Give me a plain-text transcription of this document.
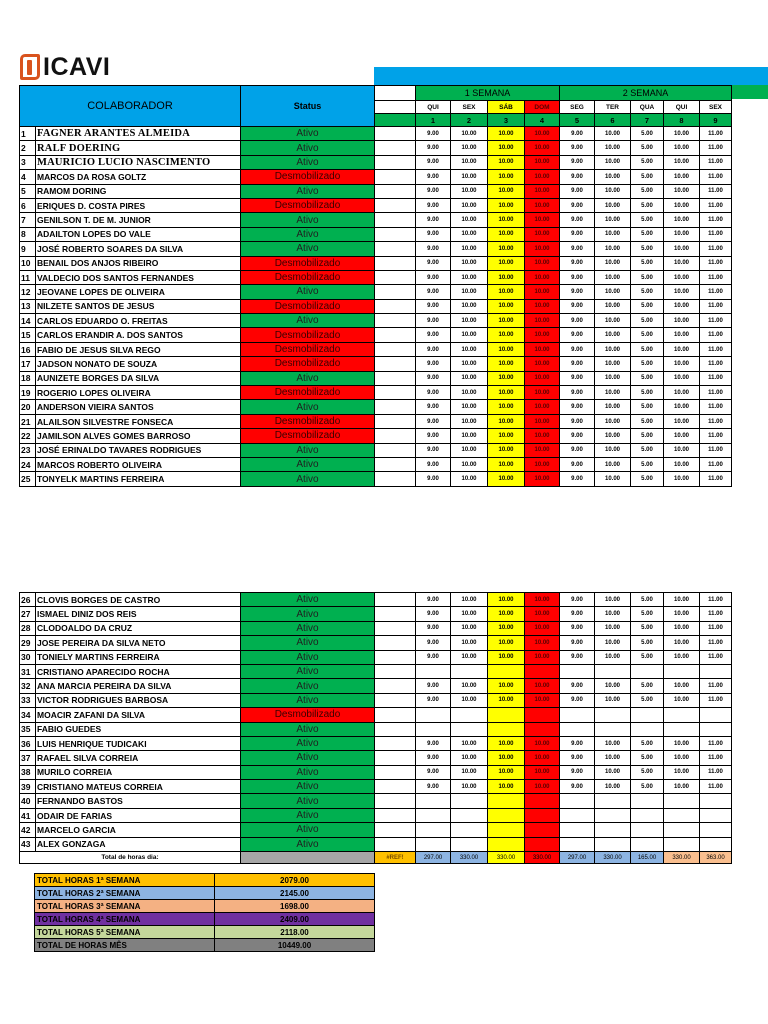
ICAVI
COLABORADOR		Status		1 SEMANA				2 SEMANA				
				QUI	SEX	SÁB	DOM	SEG	TER	QUA	QUI	SEX
				1	2	3	4	5	6	7	8	9
1	FAGNER ARANTES ALMEIDA	Ativo		9.00	10.00	10.00	10.00	9.00	10.00	5.00	10.00	11.00
2	RALF DOERING	Ativo		9.00	10.00	10.00	10.00	9.00	10.00	5.00	10.00	11.00
3	MAURICIO LUCIO NASCIMENTO	Ativo		9.00	10.00	10.00	10.00	9.00	10.00	5.00	10.00	11.00
4	MARCOS DA ROSA GOLTZ	Desmobilizado		9.00	10.00	10.00	10.00	9.00	10.00	5.00	10.00	11.00
5	RAMOM DORING	Ativo		9.00	10.00	10.00	10.00	9.00	10.00	5.00	10.00	11.00
6	ERIQUES D. COSTA PIRES	Desmobilizado		9.00	10.00	10.00	10.00	9.00	10.00	5.00	10.00	11.00
7	GENILSON T. DE M. JUNIOR	Ativo		9.00	10.00	10.00	10.00	9.00	10.00	5.00	10.00	11.00
8	ADAILTON LOPES DO VALE	Ativo		9.00	10.00	10.00	10.00	9.00	10.00	5.00	10.00	11.00
9	JOSÉ ROBERTO SOARES DA SILVA	Ativo		9.00	10.00	10.00	10.00	9.00	10.00	5.00	10.00	11.00
10	BENAIL DOS ANJOS RIBEIRO	Desmobilizado		9.00	10.00	10.00	10.00	9.00	10.00	5.00	10.00	11.00
11	VALDECIO DOS SANTOS FERNANDES	Desmobilizado		9.00	10.00	10.00	10.00	9.00	10.00	5.00	10.00	11.00
12	JEOVANE LOPES DE OLIVEIRA	Ativo		9.00	10.00	10.00	10.00	9.00	10.00	5.00	10.00	11.00
13	NILZETE SANTOS DE JESUS	Desmobilizado		9.00	10.00	10.00	10.00	9.00	10.00	5.00	10.00	11.00
14	CARLOS EDUARDO O. FREITAS	Ativo		9.00	10.00	10.00	10.00	9.00	10.00	5.00	10.00	11.00
15	CARLOS ERANDIR A. DOS SANTOS	Desmobilizado		9.00	10.00	10.00	10.00	9.00	10.00	5.00	10.00	11.00
16	FABIO DE JESUS SILVA REGO	Desmobilizado		9.00	10.00	10.00	10.00	9.00	10.00	5.00	10.00	11.00
17	JADSON NONATO DE SOUZA	Desmobilizado		9.00	10.00	10.00	10.00	9.00	10.00	5.00	10.00	11.00
18	AUNIZETE BORGES DA SILVA	Ativo		9.00	10.00	10.00	10.00	9.00	10.00	5.00	10.00	11.00
19	ROGERIO LOPES OLIVEIRA	Desmobilizado		9.00	10.00	10.00	10.00	9.00	10.00	5.00	10.00	11.00
20	ANDERSON VIEIRA SANTOS	Ativo		9.00	10.00	10.00	10.00	9.00	10.00	5.00	10.00	11.00
21	ALAILSON SILVESTRE FONSECA	Desmobilizado		9.00	10.00	10.00	10.00	9.00	10.00	5.00	10.00	11.00
22	JAMILSON ALVES GOMES BARROSO	Desmobilizado		9.00	10.00	10.00	10.00	9.00	10.00	5.00	10.00	11.00
23	JOSÉ ERINALDO TAVARES RODRIGUES	Ativo		9.00	10.00	10.00	10.00	9.00	10.00	5.00	10.00	11.00
24	MARCOS ROBERTO OLIVEIRA	Ativo		9.00	10.00	10.00	10.00	9.00	10.00	5.00	10.00	11.00
25	TONYELK MARTINS FERREIRA	Ativo		9.00	10.00	10.00	10.00	9.00	10.00	5.00	10.00	11.00
26	CLOVIS BORGES DE CASTRO	Ativo		9.00	10.00	10.00	10.00	9.00	10.00	5.00	10.00	11.00
27	ISMAEL DINIZ DOS REIS	Ativo		9.00	10.00	10.00	10.00	9.00	10.00	5.00	10.00	11.00
28	CLODOALDO DA CRUZ	Ativo		9.00	10.00	10.00	10.00	9.00	10.00	5.00	10.00	11.00
29	JOSE PEREIRA DA SILVA NETO	Ativo		9.00	10.00	10.00	10.00	9.00	10.00	5.00	10.00	11.00
30	TONIELY MARTINS FERREIRA	Ativo		9.00	10.00	10.00	10.00	9.00	10.00	5.00	10.00	11.00
31	CRISTIANO APARECIDO ROCHA	Ativo										
32	ANA MARCIA PEREIRA DA SILVA	Ativo		9.00	10.00	10.00	10.00	9.00	10.00	5.00	10.00	11.00
33	VICTOR RODRIGUES BARBOSA	Ativo		9.00	10.00	10.00	10.00	9.00	10.00	5.00	10.00	11.00
34	MOACIR ZAFANI DA SILVA	Desmobilizado										
35	FABIO GUEDES	Ativo										
36	LUIS HENRIQUE TUDICAKI	Ativo		9.00	10.00	10.00	10.00	9.00	10.00	5.00	10.00	11.00
37	RAFAEL SILVA CORREIA	Ativo		9.00	10.00	10.00	10.00	9.00	10.00	5.00	10.00	11.00
38	MURILO CORREIA	Ativo		9.00	10.00	10.00	10.00	9.00	10.00	5.00	10.00	11.00
39	CRISTIANO MATEUS CORREIA	Ativo		9.00	10.00	10.00	10.00	9.00	10.00	5.00	10.00	11.00
40	FERNANDO BASTOS	Ativo										
41	ODAIR DE FARIAS	Ativo										
42	MARCELO GARCIA	Ativo										
43	ALEX GONZAGA	Ativo										
Total de horas dia:			#REF!	297.00	330.00	330.00	330.00	297.00	330.00	165.00	330.00	363.00
TOTAL HORAS 1ª SEMANA	2079.00
TOTAL HORAS 2ª SEMANA	2145.00
TOTAL HORAS 3ª SEMANA	1698.00
TOTAL HORAS 4ª SEMANA	2409.00
TOTAL HORAS 5ª SEMANA	2118.00
TOTAL DE HORAS MÊS	10449.00
